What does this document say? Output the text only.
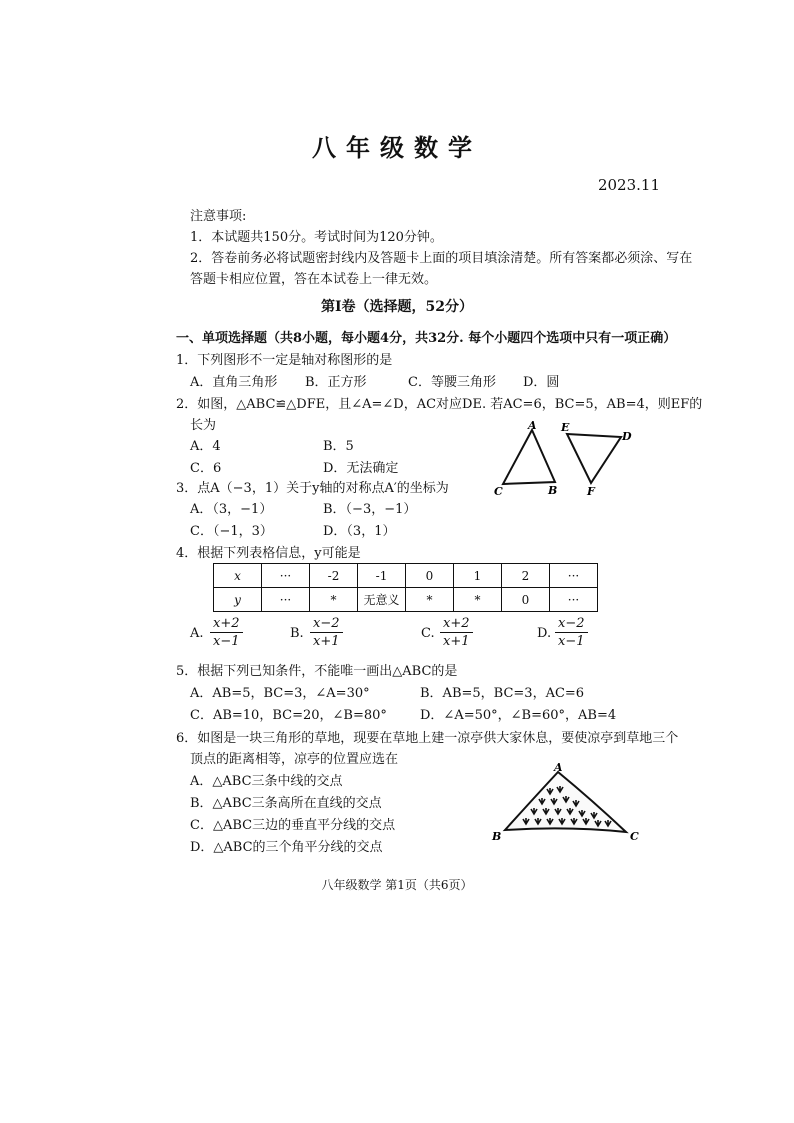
八年级数学
2023.11
注意事项:
1．本试题共150分。考试时间为120分钟。
2．答卷前务必将试题密封线内及答题卡上面的项目填涂清楚。所有答案都必须涂、写在
答题卡相应位置，答在本试卷上一律无效。
第Ⅰ卷（选择题，52分）
一、单项选择题（共8小题，每小题4分，共32分. 每个小题四个选项中只有一项正确）
1．下列图形不一定是轴对称图形的是
A．直角三角形 B．正方形	C．等腰三角形 D．圆
2．如图，△ABC≌△DFE，且∠A=∠D，AC对应DE. 若AC=6，BC=5，AB=4，则EF的
长为
A．4	B．5
C．6	D．无法确定
A E
D
C	B	F
3．点A（−3，1）关于y轴的对称点A′的坐标为
A．（3，−1）	B．（−3，−1）
C．（−1，3）	D．（3，1）
4．根据下列表格信息，y可能是
x	···	-2	-1	0	1	2	···
y	···	*	无意义	*	*	0	···
A. $\frac{x+2}{x-1}$	B. $\frac{x-2}{x+1}$	C. $\frac{x+2}{x+1}$	D. $\frac{x-2}{x-1}$
5．根据下列已知条件，不能唯一画出△ABC的是
A．AB=5，BC=3，∠A=30°	B．AB=5，BC=3，AC=6
C．AB=10，BC=20，∠B=80°	D．∠A=50°，∠B=60°，AB=4
6．如图是一块三角形的草地，现要在草地上建一凉亭供大家休息，要使凉亭到草地三个
顶点的距离相等，凉亭的位置应选在
A．△ABC三条中线的交点
B．△ABC三条高所在直线的交点
C．△ABC三边的垂直平分线的交点
D．△ABC的三个角平分线的交点
A
B	C
八年级数学 第1页（共6页）
